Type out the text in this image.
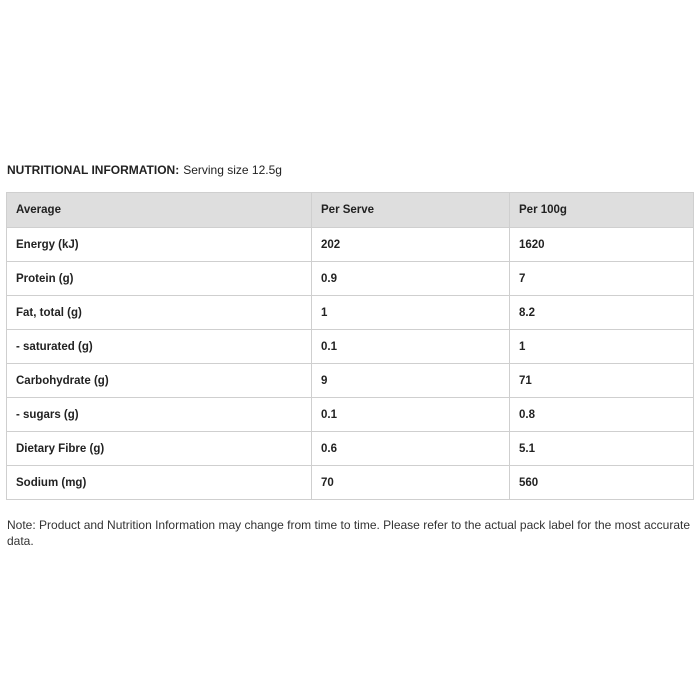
NUTRITIONAL INFORMATION: Serving size 12.5g
Average	Per Serve	Per 100g
Energy (kJ)	202	1620
Protein (g)	0.9	7
Fat, total (g)	1	8.2
- saturated (g)	0.1	1
Carbohydrate (g)	9	71
- sugars (g)	0.1	0.8
Dietary Fibre (g)	0.6	5.1
Sodium (mg)	70	560

Note: Product and Nutrition Information may change from time to time. Please refer to the actual pack label for the most accurate data.
